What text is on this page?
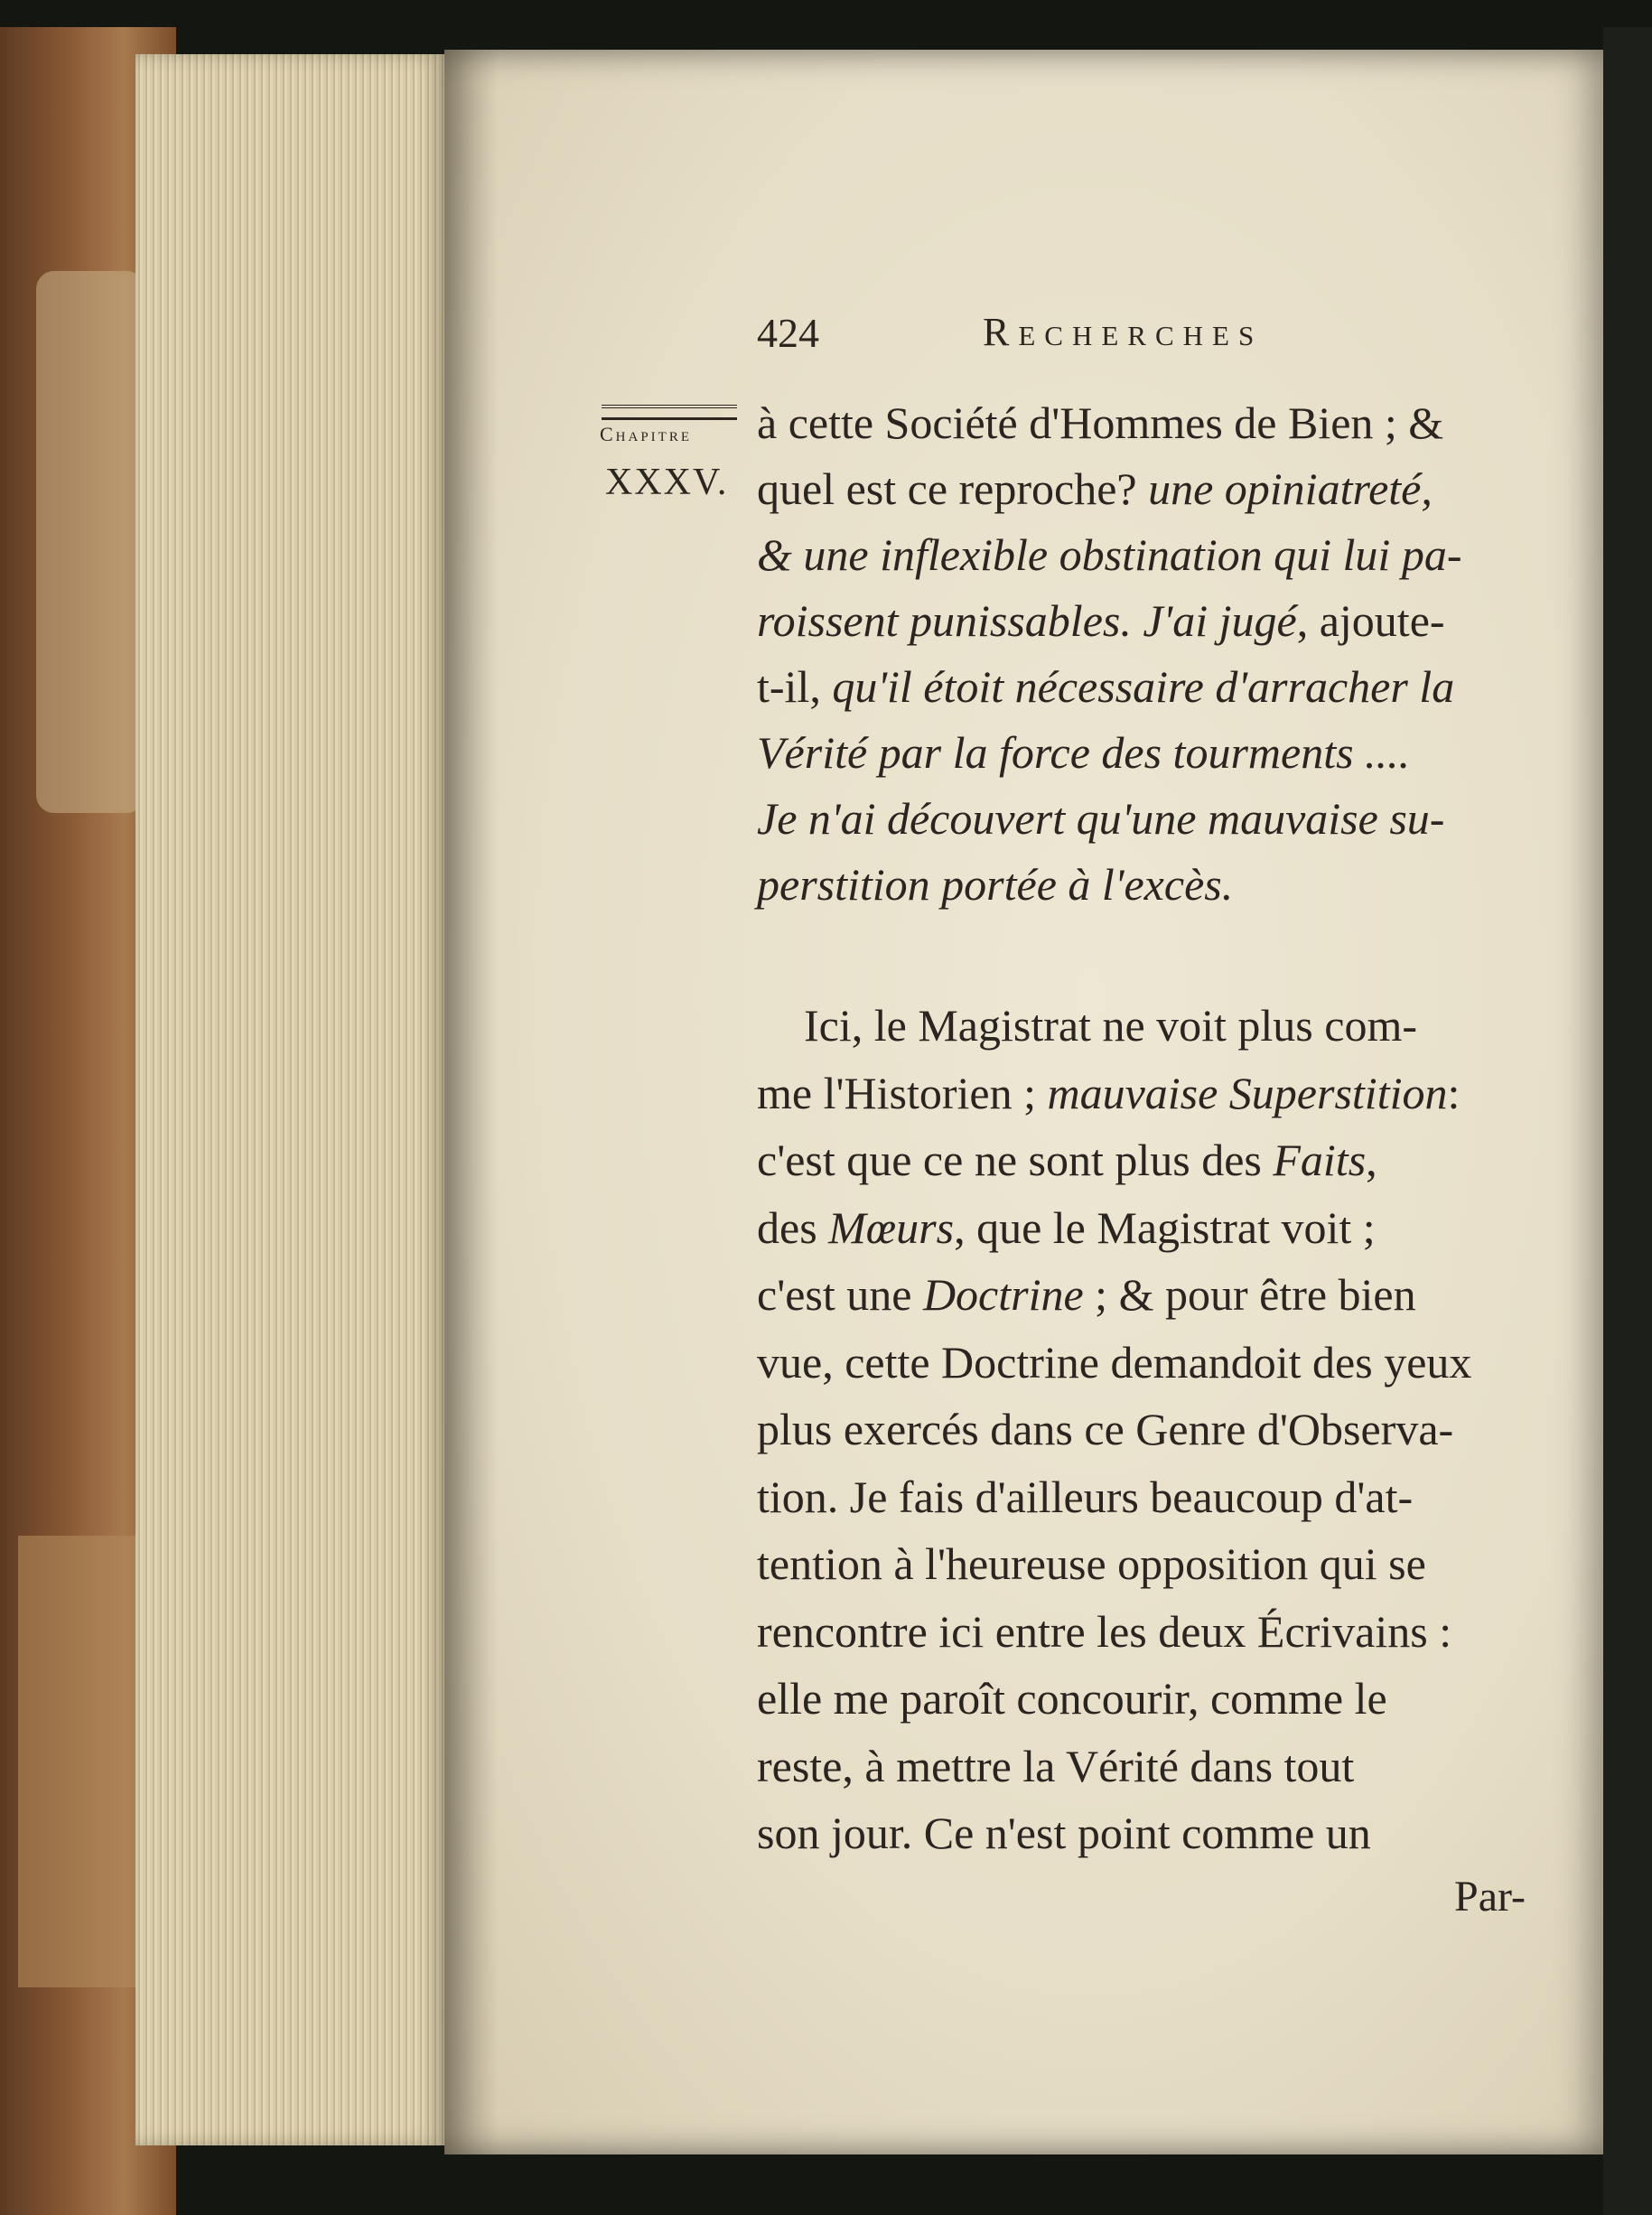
424	Recherches
Chapitre
XXXV.
à cette Société d'Hommes de Bien ; &
quel est ce reproche? une opiniatreté,
& une inflexible obstination qui lui pa-
roissent punissables. J'ai jugé, ajoute-
t-il, qu'il étoit nécessaire d'arracher la
Vérité par la force des tourments ....
Je n'ai découvert qu'une mauvaise su-
perstition portée à l'excès.
Ici, le Magistrat ne voit plus com-
me l'Historien ; mauvaise Superstition:
c'est que ce ne sont plus des Faits,
des Mœurs, que le Magistrat voit ;
c'est une Doctrine ; & pour être bien
vue, cette Doctrine demandoit des yeux
plus exercés dans ce Genre d'Observa-
tion. Je fais d'ailleurs beaucoup d'at-
tention à l'heureuse opposition qui se
rencontre ici entre les deux Écrivains :
elle me paroît concourir, comme le
reste, à mettre la Vérité dans tout
son jour. Ce n'est point comme un
Par-
